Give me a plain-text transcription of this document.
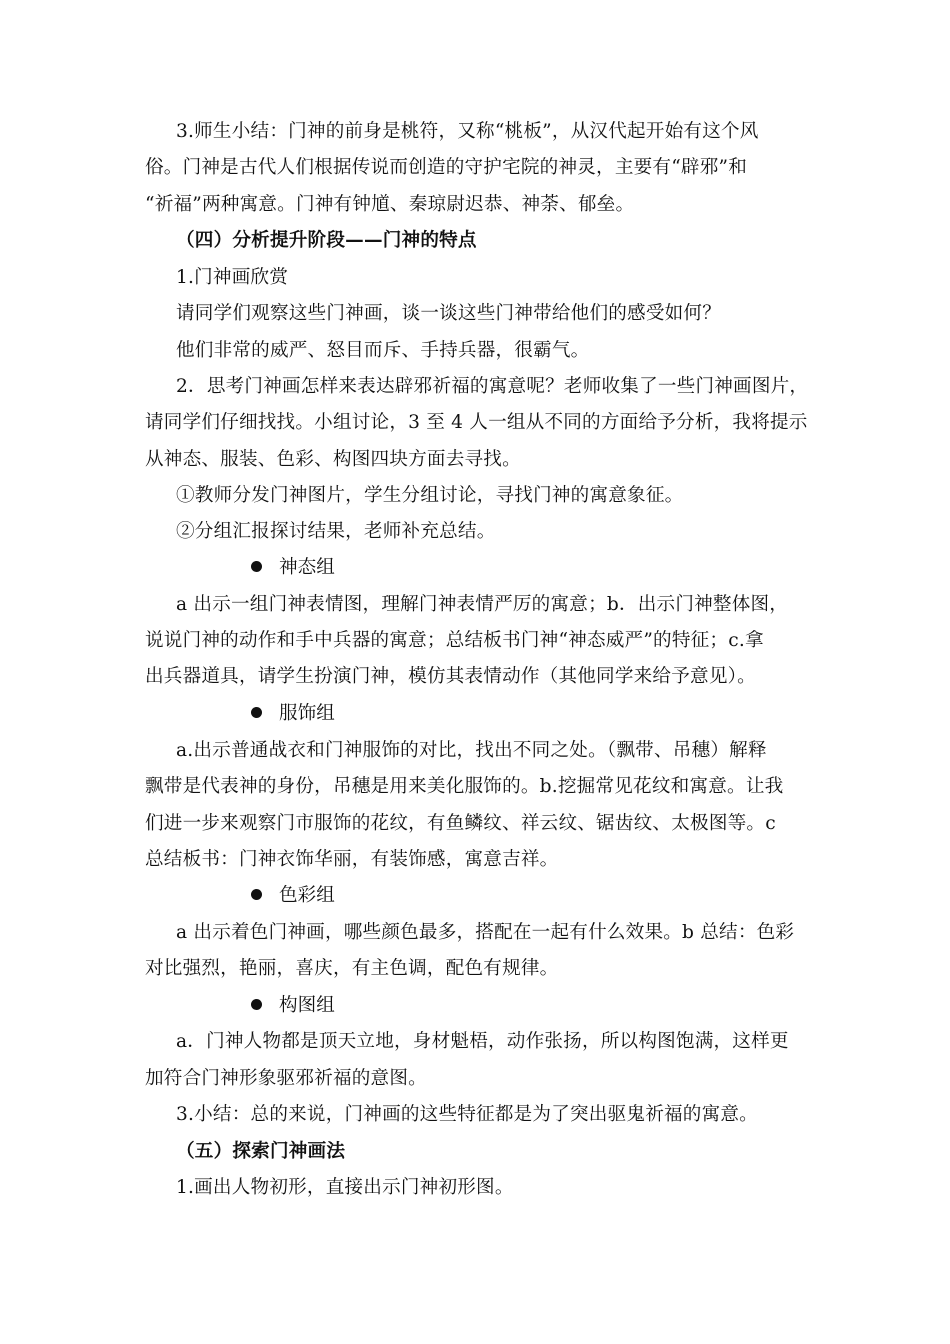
3.师生小结：门神的前身是桃符，又称“桃板”，从汉代起开始有这个风
俗。门神是古代人们根据传说而创造的守护宅院的神灵，主要有“辟邪”和
“祈福”两种寓意。门神有钟馗、秦琼尉迟恭、神荼、郁垒。
（四）分析提升阶段——门神的特点
1.门神画欣赏
请同学们观察这些门神画，谈一谈这些门神带给他们的感受如何？
他们非常的威严、怒目而斥、手持兵器，很霸气。
2．思考门神画怎样来表达辟邪祈福的寓意呢？老师收集了一些门神画图片，
请同学们仔细找找。小组讨论，3 至 4 人一组从不同的方面给予分析，我将提示
从神态、服装、色彩、构图四块方面去寻找。
①教师分发门神图片，学生分组讨论，寻找门神的寓意象征。
②分组汇报探讨结果，老师补充总结。
神态组
a 出示一组门神表情图，理解门神表情严厉的寓意；b．出示门神整体图，
说说门神的动作和手中兵器的寓意；总结板书门神“神态威严”的特征；c.拿
出兵器道具，请学生扮演门神，模仿其表情动作（其他同学来给予意见）。
服饰组
a.出示普通战衣和门神服饰的对比，找出不同之处。（飘带、吊穗）解释
飘带是代表神的身份，吊穗是用来美化服饰的。b.挖掘常见花纹和寓意。让我
们进一步来观察门市服饰的花纹，有鱼鳞纹、祥云纹、锯齿纹、太极图等。c
总结板书：门神衣饰华丽，有装饰感，寓意吉祥。
色彩组
a 出示着色门神画，哪些颜色最多，搭配在一起有什么效果。b 总结：色彩
对比强烈，艳丽，喜庆，有主色调，配色有规律。
构图组
a．门神人物都是顶天立地，身材魁梧，动作张扬，所以构图饱满，这样更
加符合门神形象驱邪祈福的意图。
3.小结：总的来说，门神画的这些特征都是为了突出驱鬼祈福的寓意。
（五）探索门神画法
1.画出人物初形，直接出示门神初形图。
